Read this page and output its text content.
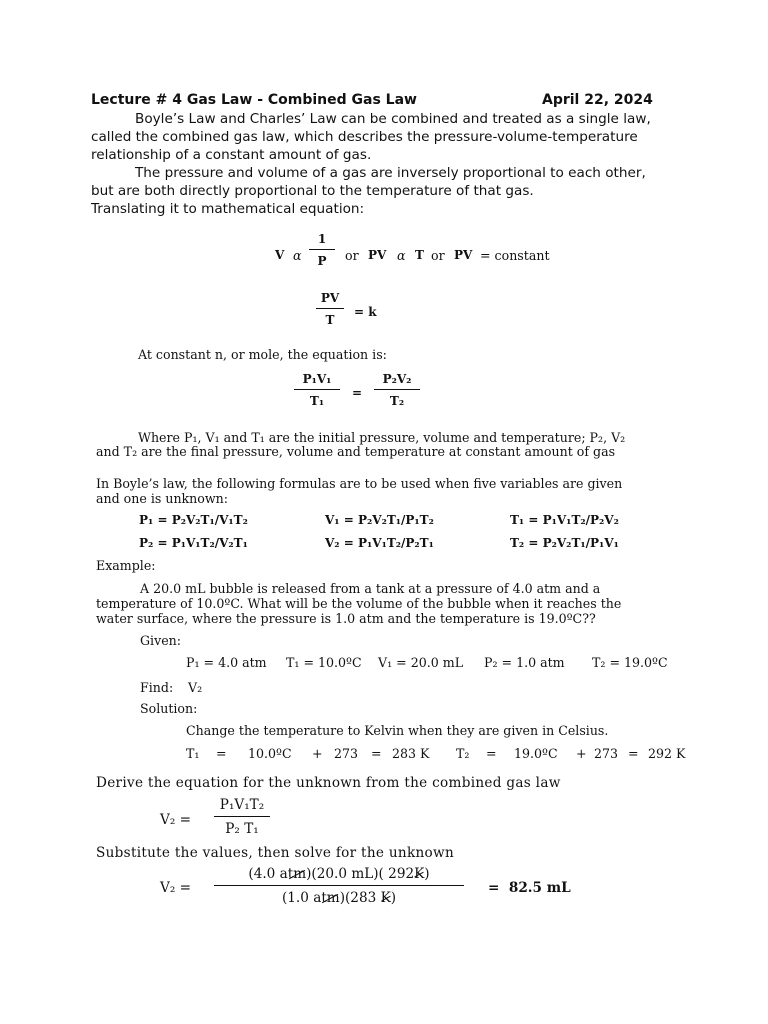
Lecture # 4 Gas Law - Combined Gas Law	April 22, 2024
Boyle’s Law and Charles’ Law can be combined and treated as a single law,
called the combined gas law, which describes the pressure-volume-temperature
relationship of a constant amount of gas.
The pressure and volume of a gas are inversely proportional to each other,
but are both directly proportional to the temperature of that gas.
Translating it to mathematical equation:
V α
1
P	or PV α T or PV = constant
PV
T
= k
At constant n, or mole, the equation is:
P₁V₁
T₁
=
P₂V₂
T₂
Where P₁, V₁ and T₁ are the initial pressure, volume and temperature; P₂, V₂
and T₂ are the final pressure, volume and temperature at constant amount of gas
In Boyle’s law, the following formulas are to be used when five variables are given
and one is unknown:
P₁ = P₂V₂T₁/V₁T₂	V₁ = P₂V₂T₁/P₁T₂	T₁ = P₁V₁T₂/P₂V₂
P₂ = P₁V₁T₂/V₂T₁	V₂ = P₁V₁T₂/P₂T₁	T₂ = P₂V₂T₁/P₁V₁
Example:
A 20.0 mL bubble is released from a tank at a pressure of 4.0 atm and a
temperature of 10.0ºC. What will be the volume of the bubble when it reaches the
water surface, where the pressure is 1.0 atm and the temperature is 19.0ºC??
Given:
P₁ = 4.0 atm T₁ = 10.0ºC V₁ = 20.0 mL P₂ = 1.0 atm T₂ = 19.0ºC
Find: V₂
Solution:
Change the temperature to Kelvin when they are given in Celsius.
T₁ = 10.0ºC + 273 = 283 K T₂ = 19.0ºC + 273 = 292 K
Derive the equation for the unknown from the combined gas law
V₂ =
P₁V₁T₂
P₂ T₁
Substitute the values, then solve for the unknown
V₂ =
(4.0 atm)(20.0 mL)( 292K)
(1.0 atm)(283 K)
=  82.5 mL
